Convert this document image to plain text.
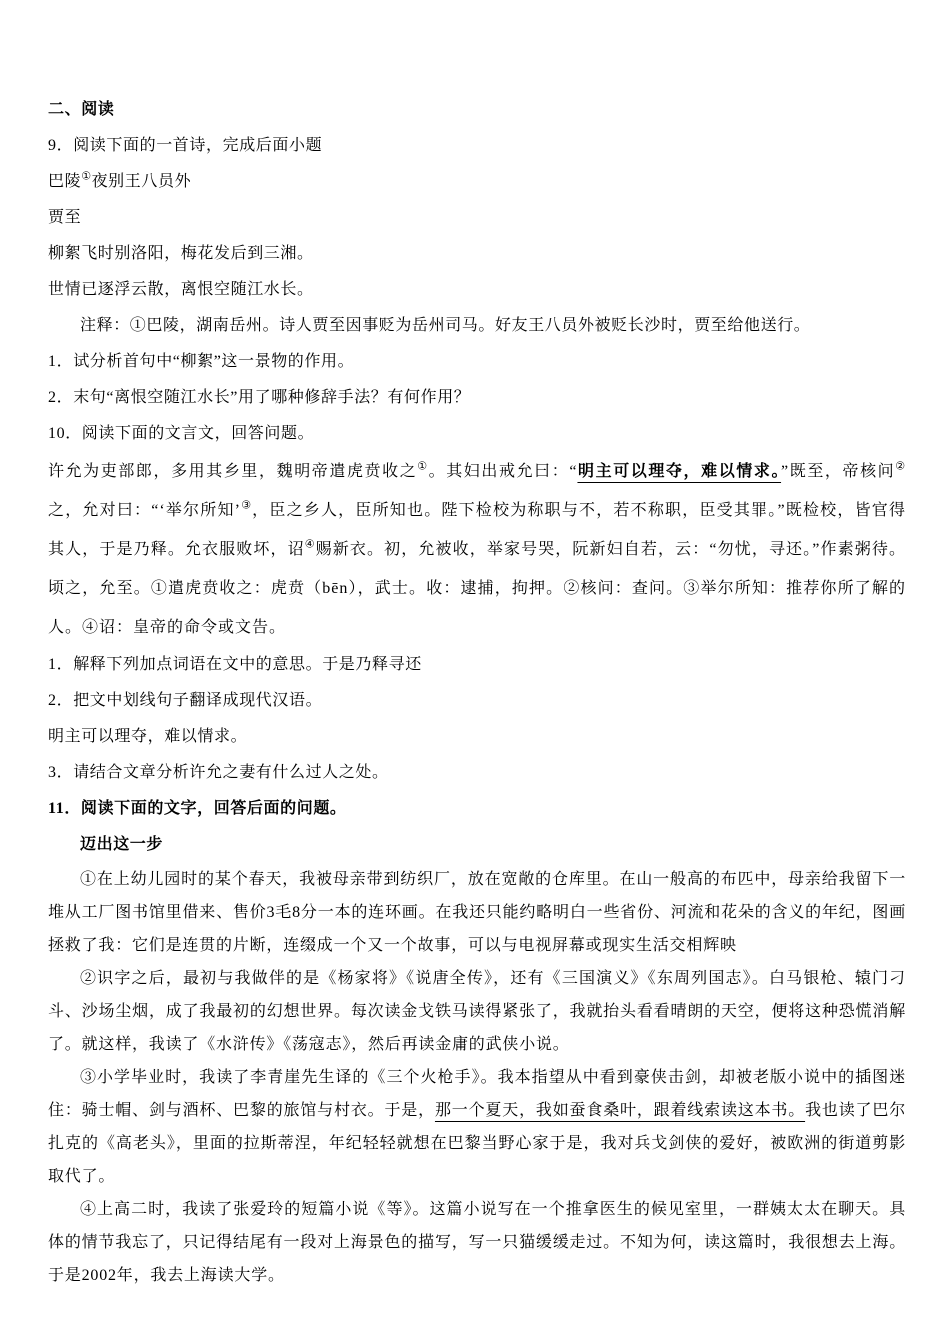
二、阅读

9．阅读下面的一首诗，完成后面小题

巴陵①夜别王八员外

贾至

柳絮飞时别洛阳，梅花发后到三湘。

世情已逐浮云散，离恨空随江水长。

注释：①巴陵，湖南岳州。诗人贾至因事贬为岳州司马。好友王八员外被贬长沙时，贾至给他送行。

1．试分析首句中“柳絮”这一景物的作用。

2．末句“离恨空随江水长”用了哪种修辞手法？有何作用？

10．阅读下面的文言文，回答问题。

许允为吏部郎，多用其乡里，魏明帝遣虎贲收之①。其妇出戒允曰：“明主可以理夺，难以情求。”既至，帝核问②之，允对曰：“‘举尔所知’③，臣之乡人，臣所知也。陛下检校为称职与不，若不称职，臣受其罪。”既检校，皆官得其人，于是乃释。允衣服败坏，诏④赐新衣。初，允被收，举家号哭，阮新妇自若，云：“勿忧，寻还。”作素粥待。顷之，允至。①遣虎贲收之：虎贲（bēn），武士。收：逮捕，拘押。②核问：查问。③举尔所知：推荐你所了解的人。④诏：皇帝的命令或文告。

1．解释下列加点词语在文中的意思。于是乃释寻还

2．把文中划线句子翻译成现代汉语。

明主可以理夺，难以情求。

3．请结合文章分析许允之妻有什么过人之处。

11．阅读下面的文字，回答后面的问题。

迈出这一步

①在上幼儿园时的某个春天，我被母亲带到纺织厂，放在宽敞的仓库里。在山一般高的布匹中，母亲给我留下一堆从工厂图书馆里借来、售价3毛8分一本的连环画。在我还只能约略明白一些省份、河流和花朵的含义的年纪，图画拯救了我：它们是连贯的片断，连缀成一个又一个故事，可以与电视屏幕或现实生活交相辉映

②识字之后，最初与我做伴的是《杨家将》《说唐全传》，还有《三国演义》《东周列国志》。白马银枪、辕门刁斗、沙场尘烟，成了我最初的幻想世界。每次读金戈铁马读得紧张了，我就抬头看看晴朗的天空，便将这种恐慌消解了。就这样，我读了《水浒传》《荡寇志》，然后再读金庸的武侠小说。

③小学毕业时，我读了李青崖先生译的《三个火枪手》。我本指望从中看到豪侠击剑，却被老版小说中的插图迷住：骑士帽、剑与酒杯、巴黎的旅馆与村衣。于是，那一个夏天，我如蚕食桑叶，跟着线索读这本书。我也读了巴尔扎克的《高老头》，里面的拉斯蒂涅，年纪轻轻就想在巴黎当野心家于是，我对兵戈剑侠的爱好，被欧洲的街道剪影取代了。

④上高二时，我读了张爱玲的短篇小说《等》。这篇小说写在一个推拿医生的候见室里，一群姨太太在聊天。具体的情节我忘了，只记得结尾有一段对上海景色的描写，写一只猫缓缓走过。不知为何，读这篇时，我很想去上海。于是2002年，我去上海读大学。
